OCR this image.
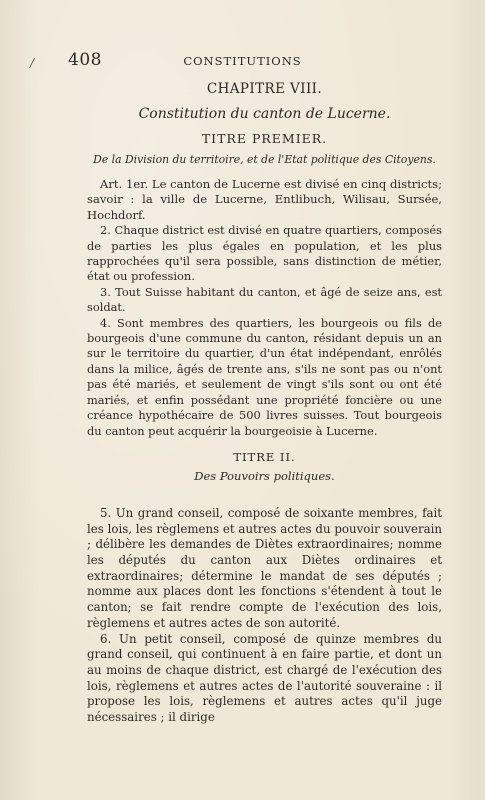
/ 408	CONSTITUTIONS
CHAPITRE VIII.
Constitution du canton de Lucerne.
TITRE PREMIER.
De la Division du territoire, et de l'Etat politique des Citoyens.

Art. 1er. Le canton de Lucerne est divisé en cinq districts; savoir : la ville de Lucerne, Entlibuch, Wilisau, Sursée, Hochdorf.

2. Chaque district est divisé en quatre quartiers, composés de parties les plus égales en population, et les plus rapprochées qu'il sera possible, sans distinction de métier, état ou profession.

3. Tout Suisse habitant du canton, et âgé de seize ans, est soldat.

4. Sont membres des quartiers, les bourgeois ou fils de bourgeois d'une commune du canton, résidant depuis un an sur le territoire du quartier, d'un état indépendant, enrôlés dans la milice, âgés de trente ans, s'ils ne sont pas ou n'ont pas été mariés, et seulement de vingt s'ils sont ou ont été mariés, et enfin possédant une propriété foncière ou une créance hypothécaire de 500 livres suisses. Tout bourgeois du canton peut acquérir la bourgeoisie à Lucerne.

TITRE II.
Des Pouvoirs politiques.

5. Un grand conseil, composé de soixante membres, fait les lois, les règlemens et autres actes du pouvoir souverain ; délibère les demandes de Diètes extraordinaires; nomme les députés du canton aux Diètes ordinaires et extraordinaires; détermine le mandat de ses députés ; nomme aux places dont les fonctions s'étendent à tout le canton; se fait rendre compte de l'exécution des lois, règlemens et autres actes de son autorité.

6. Un petit conseil, composé de quinze membres du grand conseil, qui continuent à en faire partie, et dont un au moins de chaque district, est chargé de l'exécution des lois, règlemens et autres actes de l'autorité souveraine : il propose les lois, règlemens et autres actes qu'il juge nécessaires ; il dirige
